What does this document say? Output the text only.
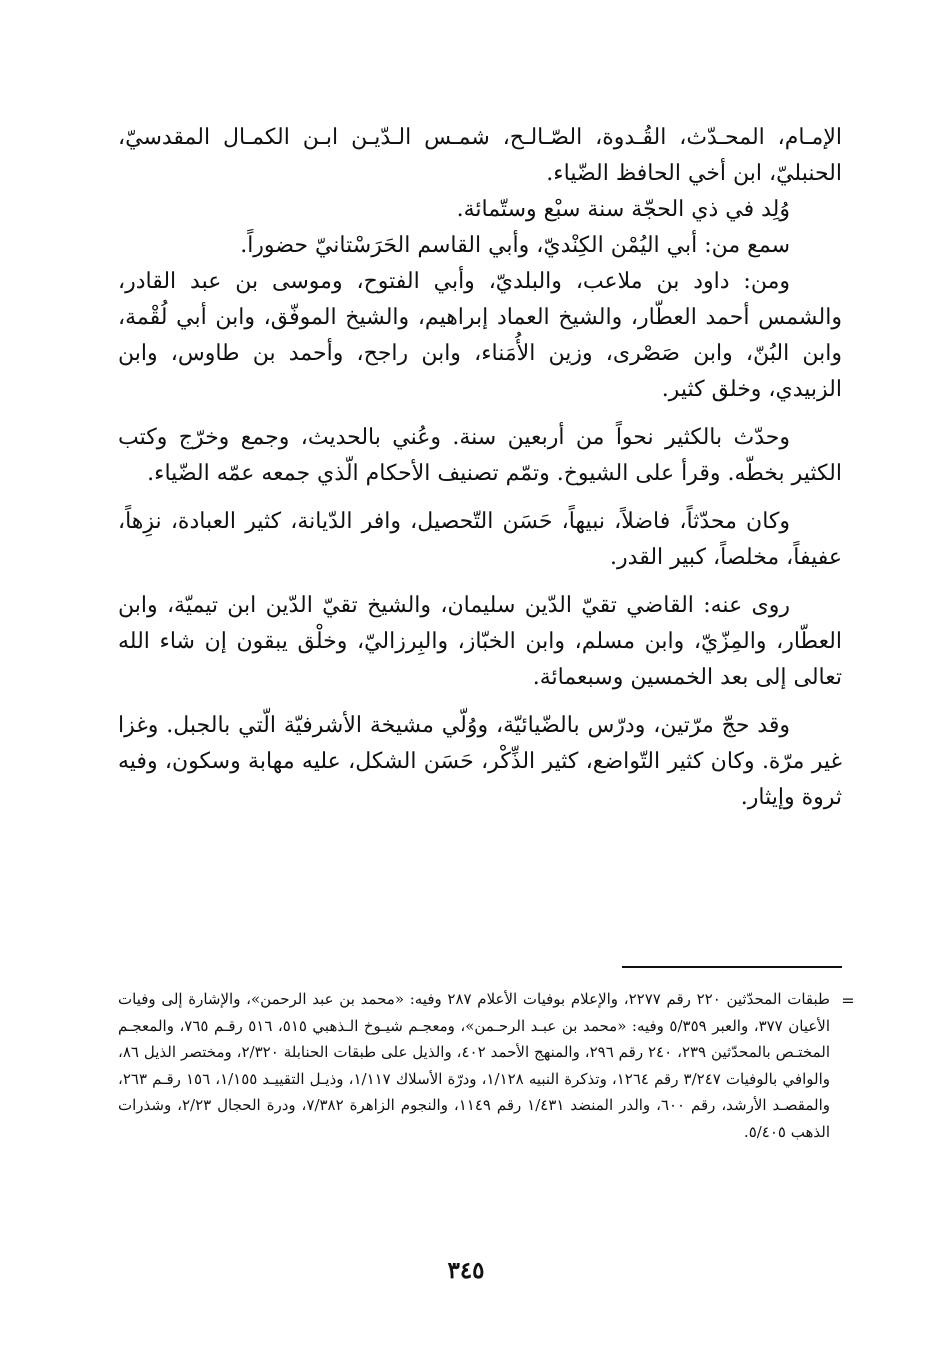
الإمـام، المحـدّث، القُـدوة، الصّـالـح، شمـس الـدّيـن ابـن الكمـال المقدسيّ، الحنبليّ، ابن أخي الحافظ الضّياء.

وُلِد في ذي الحجّة سنة سبْع وستّمائة.

سمع من: أبي اليُمْن الكِنْديّ، وأبي القاسم الحَرَسْتانيّ حضوراً.

ومن: داود بن ملاعب، والبلديّ، وأبي الفتوح، وموسى بن عبد القادر، والشمس أحمد العطّار، والشيخ العماد إبراهيم، والشيخ الموفّق، وابن أبي لُقْمة، وابن البُنّ، وابن صَصْرى، وزين الأُمَناء، وابن راجح، وأحمد بن طاوس، وابن الزبيدي، وخلق كثير.

وحدّث بالكثير نحواً من أربعين سنة. وعُني بالحديث، وجمع وخرّج وكتب الكثير بخطّه. وقرأ على الشيوخ. وتمّم تصنيف الأحكام الّذي جمعه عمّه الضّياء.

وكان محدّثاً، فاضلاً، نبيهاً، حَسَن التّحصيل، وافر الدّيانة، كثير العبادة، نزِهاً، عفيفاً، مخلصاً، كبير القدر.

روى عنه: القاضي تقيّ الدّين سليمان، والشيخ تقيّ الدّين ابن تيميّة، وابن العطّار، والمِزّيّ، وابن مسلم، وابن الخبّاز، والبِرزاليّ، وخلْق يبقون إن شاء الله تعالى إلى بعد الخمسين وسبعمائة.

وقد حجّ مرّتين، ودرّس بالضّيائيّة، ووُلّي مشيخة الأشرفيّة الّتي بالجبل. وغزا غير مرّة. وكان كثير التّواضع، كثير الذِّكْر، حَسَن الشكل، عليه مهابة وسكون، وفيه ثروة وإيثار.

=
طبقات المحدّثين ٢٢٠ رقم ٢٢٧٧، والإعلام بوفيات الأعلام ٢٨٧ وفيه: «محمد بن عبد الرحمن»، والإشارة إلى وفيات الأعيان ٣٧٧، والعبر ٥/٣٥٩ وفيه: «محمد بن عبـد الرحـمن»، ومعجـم شيـوخ الـذهبي ٥١٥، ٥١٦ رقـم ٧٦٥، والمعجـم المختـص بالمحدّثين ٢٣٩، ٢٤٠ رقم ٢٩٦، والمنهج الأحمد ٤٠٢، والذيل على طبقات الحنابلة ٢/٣٢٠، ومختصر الذيل ٨٦، والوافي بالوفيات ٣/٢٤٧ رقم ١٢٦٤، وتذكرة النبيه ١/١٢٨، ودرّة الأسلاك ١/١١٧، وذيـل التقييـد ١/١٥٥، ١٥٦ رقـم ٢٦٣، والمقصـد الأرشد، رقم ٦٠٠، والدر المنضد ١/٤٣١ رقم ١١٤٩، والنجوم الزاهرة ٧/٣٨٢، ودرة الحجال ٢/٢٣، وشذرات الذهب ٥/٤٠٥.
٣٤٥
